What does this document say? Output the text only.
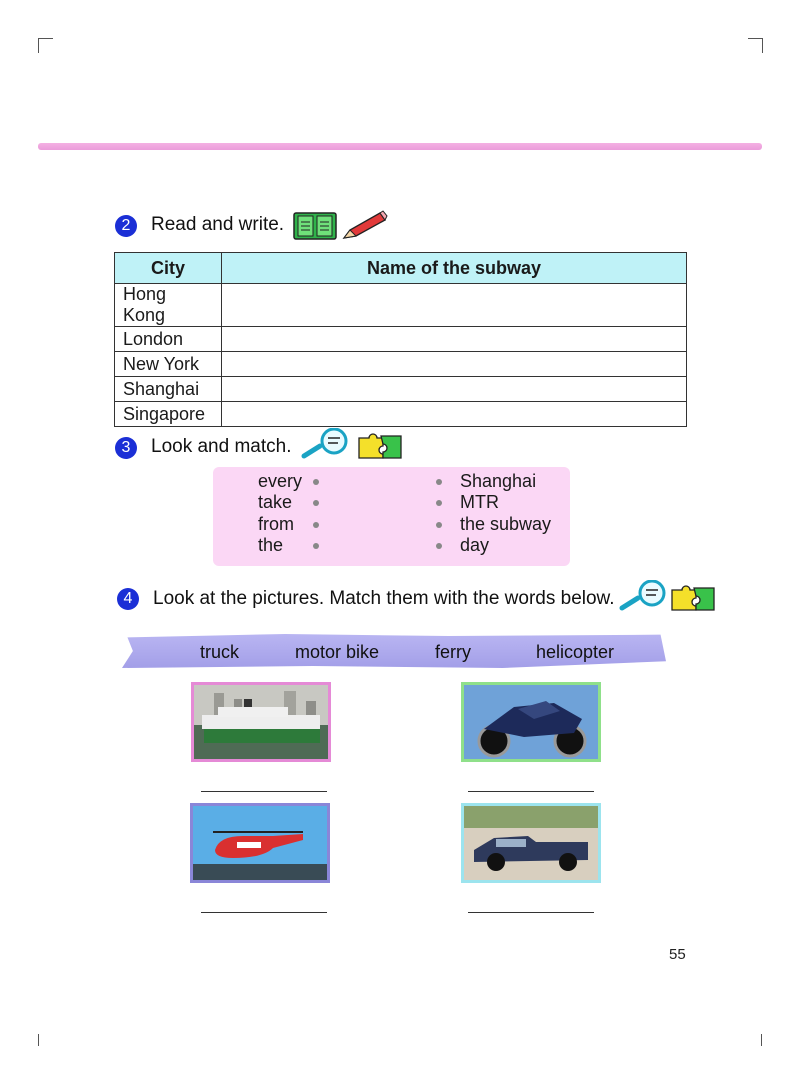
2	Read and write.
City	Name of the subway
Hong Kong	
London	
New York	
Shanghai	
Singapore	
3	Look and match.
every
take
from
the
Shanghai
MTR
the subway
day
4	Look at the pictures. Match them with the words below.
truck	motor bike	ferry	helicopter
55
